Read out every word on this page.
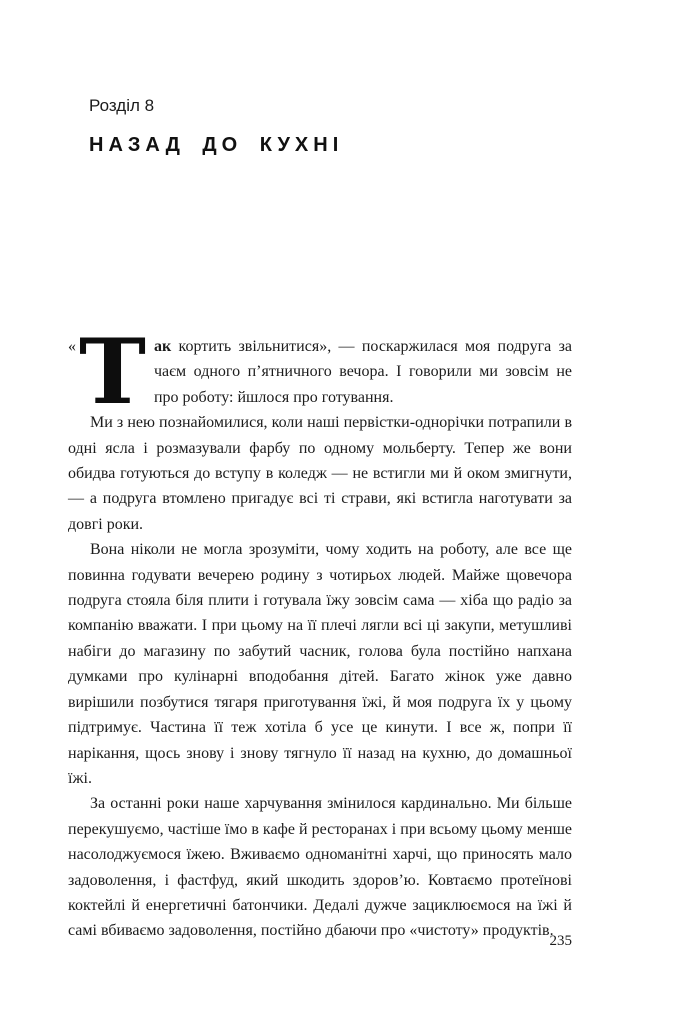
Розділ 8
НАЗАД ДО КУХНІ

« Т ак кортить звільнитися», — поскаржилася моя подруга за чаєм одного п’ятничного вечора. І говорили ми зовсім не про роботу: йшлося про готування.

Ми з нею познайомилися, коли наші первістки-однорічки потрапили в одні ясла і розмазували фарбу по одному мольберту. Тепер же вони обидва готуються до вступу в коледж — не встигли ми й оком змигнути, — а подруга втомлено пригадує всі ті страви, які встигла наготувати за довгі роки.

Вона ніколи не могла зрозуміти, чому ходить на роботу, але все ще повинна годувати вечерею родину з чотирьох людей. Майже щовечора подруга стояла біля плити і готувала їжу зовсім сама — хіба що радіо за компанію вважати. І при цьому на її плечі лягли всі ці закупи, метушливі набіги до магазину по забутий часник, голова була постійно напхана думками про кулінарні вподобання дітей. Багато жінок уже давно вирішили позбутися тягаря приготування їжі, й моя подруга їх у цьому підтримує. Частина її теж хотіла б усе це кинути. І все ж, попри її нарікання, щось знову і знову тягнуло її назад на кухню, до домашньої їжі.

За останні роки наше харчування змінилося кардинально. Ми більше перекушуємо, частіше їмо в кафе й ресторанах і при всьому цьому менше насолоджуємося їжею. Вживаємо одноманітні харчі, що приносять мало задоволення, і фастфуд, який шкодить здоров’ю. Ковтаємо протеїнові коктейлі й енергетичні батончики. Дедалі дужче зациклюємося на їжі й самі вбиваємо задоволення, постійно дбаючи про «чистоту» продуктів.

235
